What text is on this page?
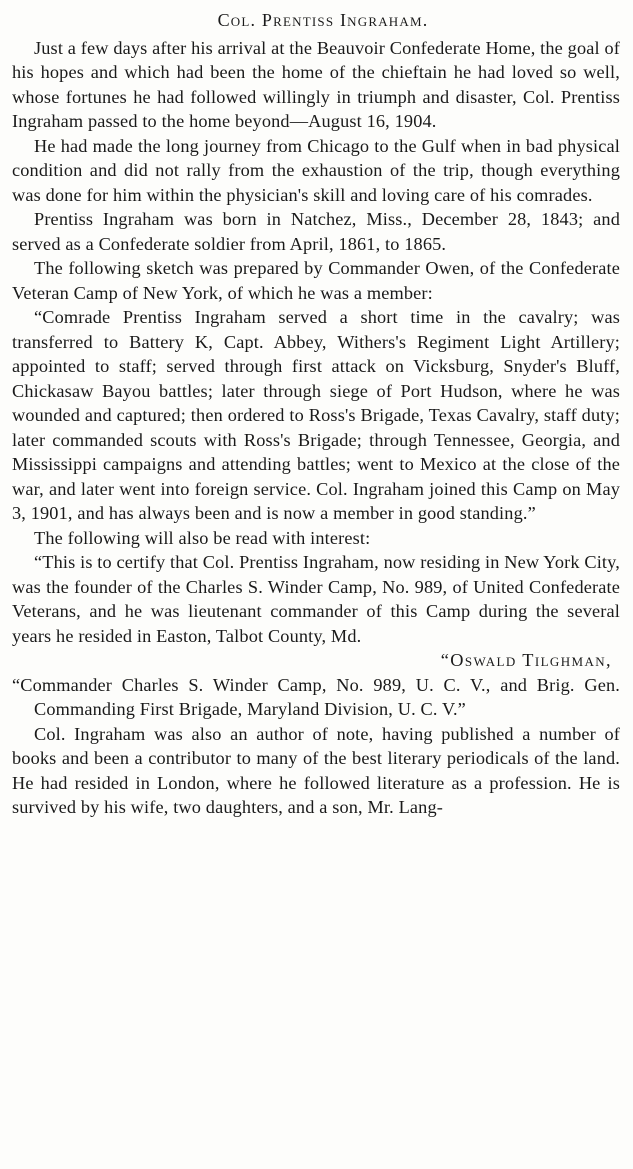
Col. Prentiss Ingraham.

Just a few days after his arrival at the Beauvoir Confederate Home, the goal of his hopes and which had been the home of the chieftain he had loved so well, whose fortunes he had followed willingly in triumph and disaster, Col. Prentiss Ingraham passed to the home beyond—August 16, 1904.

He had made the long journey from Chicago to the Gulf when in bad physical condition and did not rally from the exhaustion of the trip, though everything was done for him within the physician's skill and loving care of his comrades.

Prentiss Ingraham was born in Natchez, Miss., December 28, 1843; and served as a Confederate soldier from April, 1861, to 1865.

The following sketch was prepared by Commander Owen, of the Confederate Veteran Camp of New York, of which he was a member:

“Comrade Prentiss Ingraham served a short time in the cavalry; was transferred to Battery K, Capt. Abbey, Withers's Regiment Light Artillery; appointed to staff; served through first attack on Vicksburg, Snyder's Bluff, Chickasaw Bayou battles; later through siege of Port Hudson, where he was wounded and captured; then ordered to Ross's Brigade, Texas Cavalry, staff duty; later commanded scouts with Ross's Brigade; through Tennessee, Georgia, and Mississippi campaigns and attending battles; went to Mexico at the close of the war, and later went into foreign service. Col. Ingraham joined this Camp on May 3, 1901, and has always been and is now a member in good standing.”

The following will also be read with interest:

“This is to certify that Col. Prentiss Ingraham, now residing in New York City, was the founder of the Charles S. Winder Camp, No. 989, of United Confederate Veterans, and he was lieutenant commander of this Camp during the several years he resided in Easton, Talbot County, Md.

“Oswald Tilghman,

“Commander Charles S. Winder Camp, No. 989, U. C. V., and Brig. Gen. Commanding First Brigade, Maryland Division, U. C. V.”

Col. Ingraham was also an author of note, having published a number of books and been a contributor to many of the best literary periodicals of the land. He had resided in London, where he followed literature as a profession. He is survived by his wife, two daughters, and a son, Mr. Lang-
